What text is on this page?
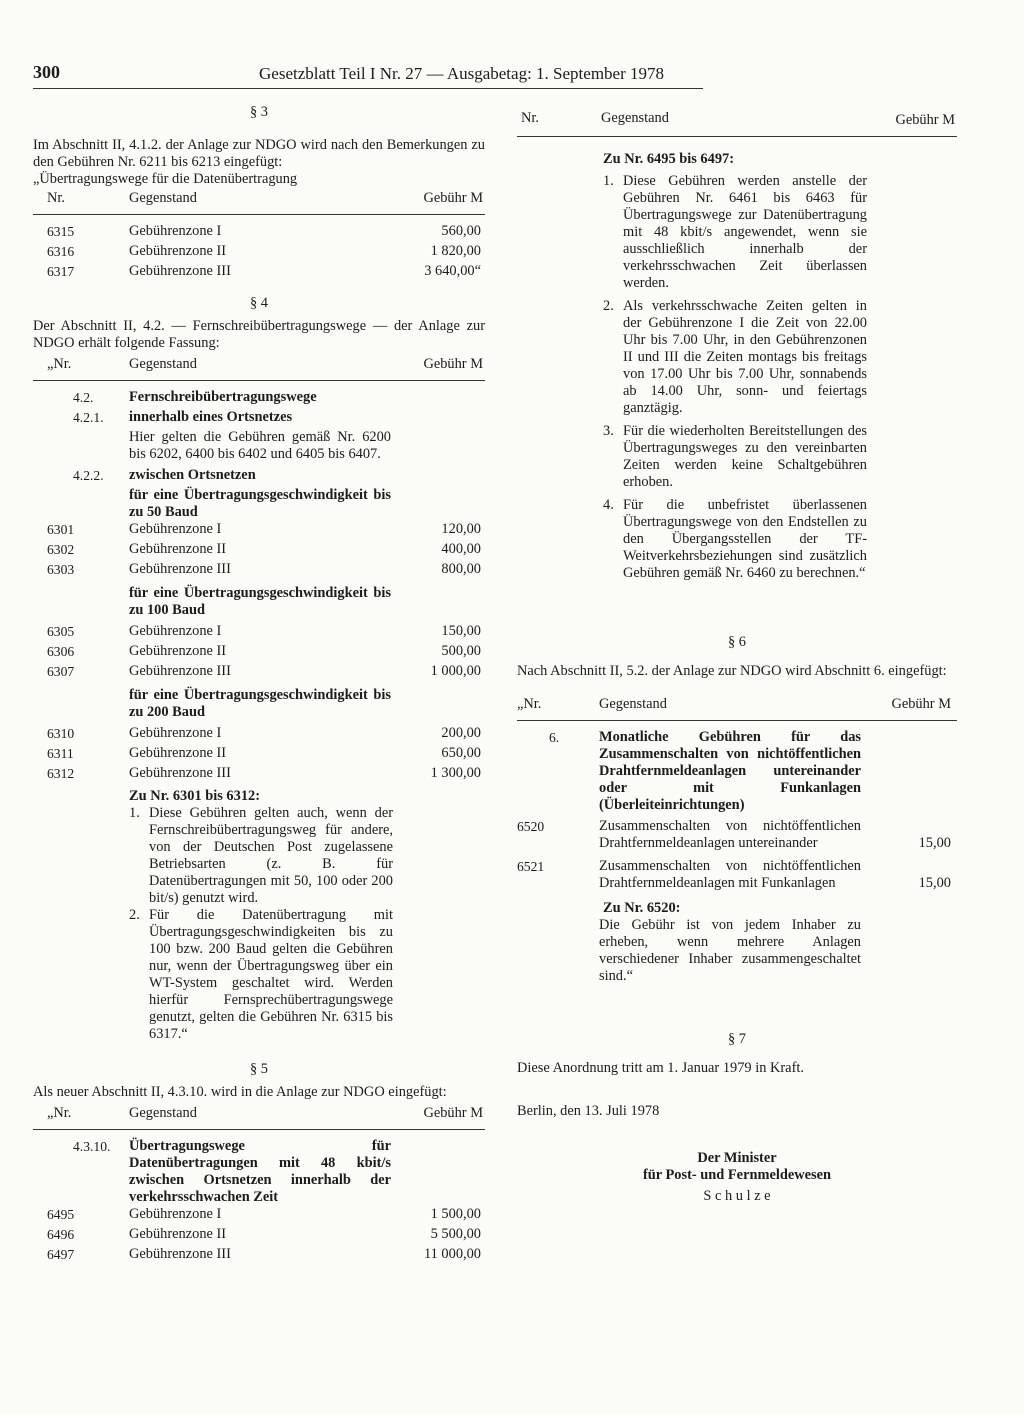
300	Gesetzblatt Teil I Nr. 27 — Ausgabetag: 1. September 1978

§ 3

Im Abschnitt II, 4.1.2. der Anlage zur NDGO wird nach den Bemerkungen zu den Gebühren Nr. 6211 bis 6213 eingefügt:

„Übertragungswege für die Datenübertragung

Nr.	Gegenstand	Gebühr M
6315	Gebührenzone I	560,00
6316	Gebührenzone II	1 820,00
6317	Gebührenzone III	3 640,00“

§ 4

Der Abschnitt II, 4.2. — Fernschreibübertragungswege — der Anlage zur NDGO erhält folgende Fassung:

„Nr.	Gegenstand	Gebühr M
4.2. Fernschreibübertragungswege
4.2.1. innerhalb eines Ortsnetzes
Hier gelten die Gebühren gemäß Nr. 6200 bis 6202, 6400 bis 6402 und 6405 bis 6407.
4.2.2. zwischen Ortsnetzen
für eine Übertragungsgeschwindigkeit bis zu 50 Baud
6301	Gebührenzone I	120,00
6302	Gebührenzone II	400,00
6303	Gebührenzone III	800,00
für eine Übertragungsgeschwindigkeit bis zu 100 Baud
6305	Gebührenzone I	150,00
6306	Gebührenzone II	500,00
6307	Gebührenzone III	1 000,00
für eine Übertragungsgeschwindigkeit bis zu 200 Baud
6310	Gebührenzone I	200,00
6311	Gebührenzone II	650,00
6312	Gebührenzone III	1 300,00
Zu Nr. 6301 bis 6312:
1. Diese Gebühren gelten auch, wenn der Fernschreibübertragungsweg für andere, von der Deutschen Post zugelassene Betriebsarten (z. B. für Datenübertragungen mit 50, 100 oder 200 bit/s) genutzt wird.
2. Für die Datenübertragung mit Übertragungsgeschwindigkeiten bis zu 100 bzw. 200 Baud gelten die Gebühren nur, wenn der Übertragungsweg über ein WT-System geschaltet wird. Werden hierfür Fernsprechübertragungswege genutzt, gelten die Gebühren Nr. 6315 bis 6317.“

§ 5

Als neuer Abschnitt II, 4.3.10. wird in die Anlage zur NDGO eingefügt:

„Nr.	Gegenstand	Gebühr M
4.3.10. Übertragungswege für Datenübertragungen mit 48 kbit/s zwischen Ortsnetzen innerhalb der verkehrsschwachen Zeit
6495	Gebührenzone I	1 500,00
6496	Gebührenzone II	5 500,00
6497	Gebührenzone III	11 000,00
Nr.	Gegenstand	Gebühr M
Zu Nr. 6495 bis 6497:
1. Diese Gebühren werden anstelle der Gebühren Nr. 6461 bis 6463 für Übertragungswege zur Datenübertragung mit 48 kbit/s angewendet, wenn sie ausschließlich innerhalb der verkehrsschwachen Zeit überlassen werden.
2. Als verkehrsschwache Zeiten gelten in der Gebührenzone I die Zeit von 22.00 Uhr bis 7.00 Uhr, in den Gebührenzonen II und III die Zeiten montags bis freitags von 17.00 Uhr bis 7.00 Uhr, sonnabends ab 14.00 Uhr, sonn- und feiertags ganztägig.
3. Für die wiederholten Bereitstellungen des Übertragungsweges zu den vereinbarten Zeiten werden keine Schaltgebühren erhoben.
4. Für die unbefristet überlassenen Übertragungswege von den Endstellen zu den Übergangsstellen der TF-Weitverkehrsbeziehungen sind zusätzlich Gebühren gemäß Nr. 6460 zu berechnen.“

§ 6

Nach Abschnitt II, 5.2. der Anlage zur NDGO wird Abschnitt 6. eingefügt:

„Nr.	Gegenstand	Gebühr M
6.	Monatliche Gebühren für das Zusammenschalten von nichtöffentlichen Drahtfernmeldeanlagen untereinander oder mit Funkanlagen (Überleiteinrichtungen)
6520	Zusammenschalten von nichtöffentlichen Drahtfernmeldeanlagen untereinander	15,00
6521	Zusammenschalten von nichtöffentlichen Drahtfernmeldeanlagen mit Funkanlagen	15,00
Zu Nr. 6520:
Die Gebühr ist von jedem Inhaber zu erheben, wenn mehrere Anlagen verschiedener Inhaber zusammengeschaltet sind.“

§ 7

Diese Anordnung tritt am 1. Januar 1979 in Kraft.

Berlin, den 13. Juli 1978

Der Minister
für Post- und Fernmeldewesen
S c h u l z e
